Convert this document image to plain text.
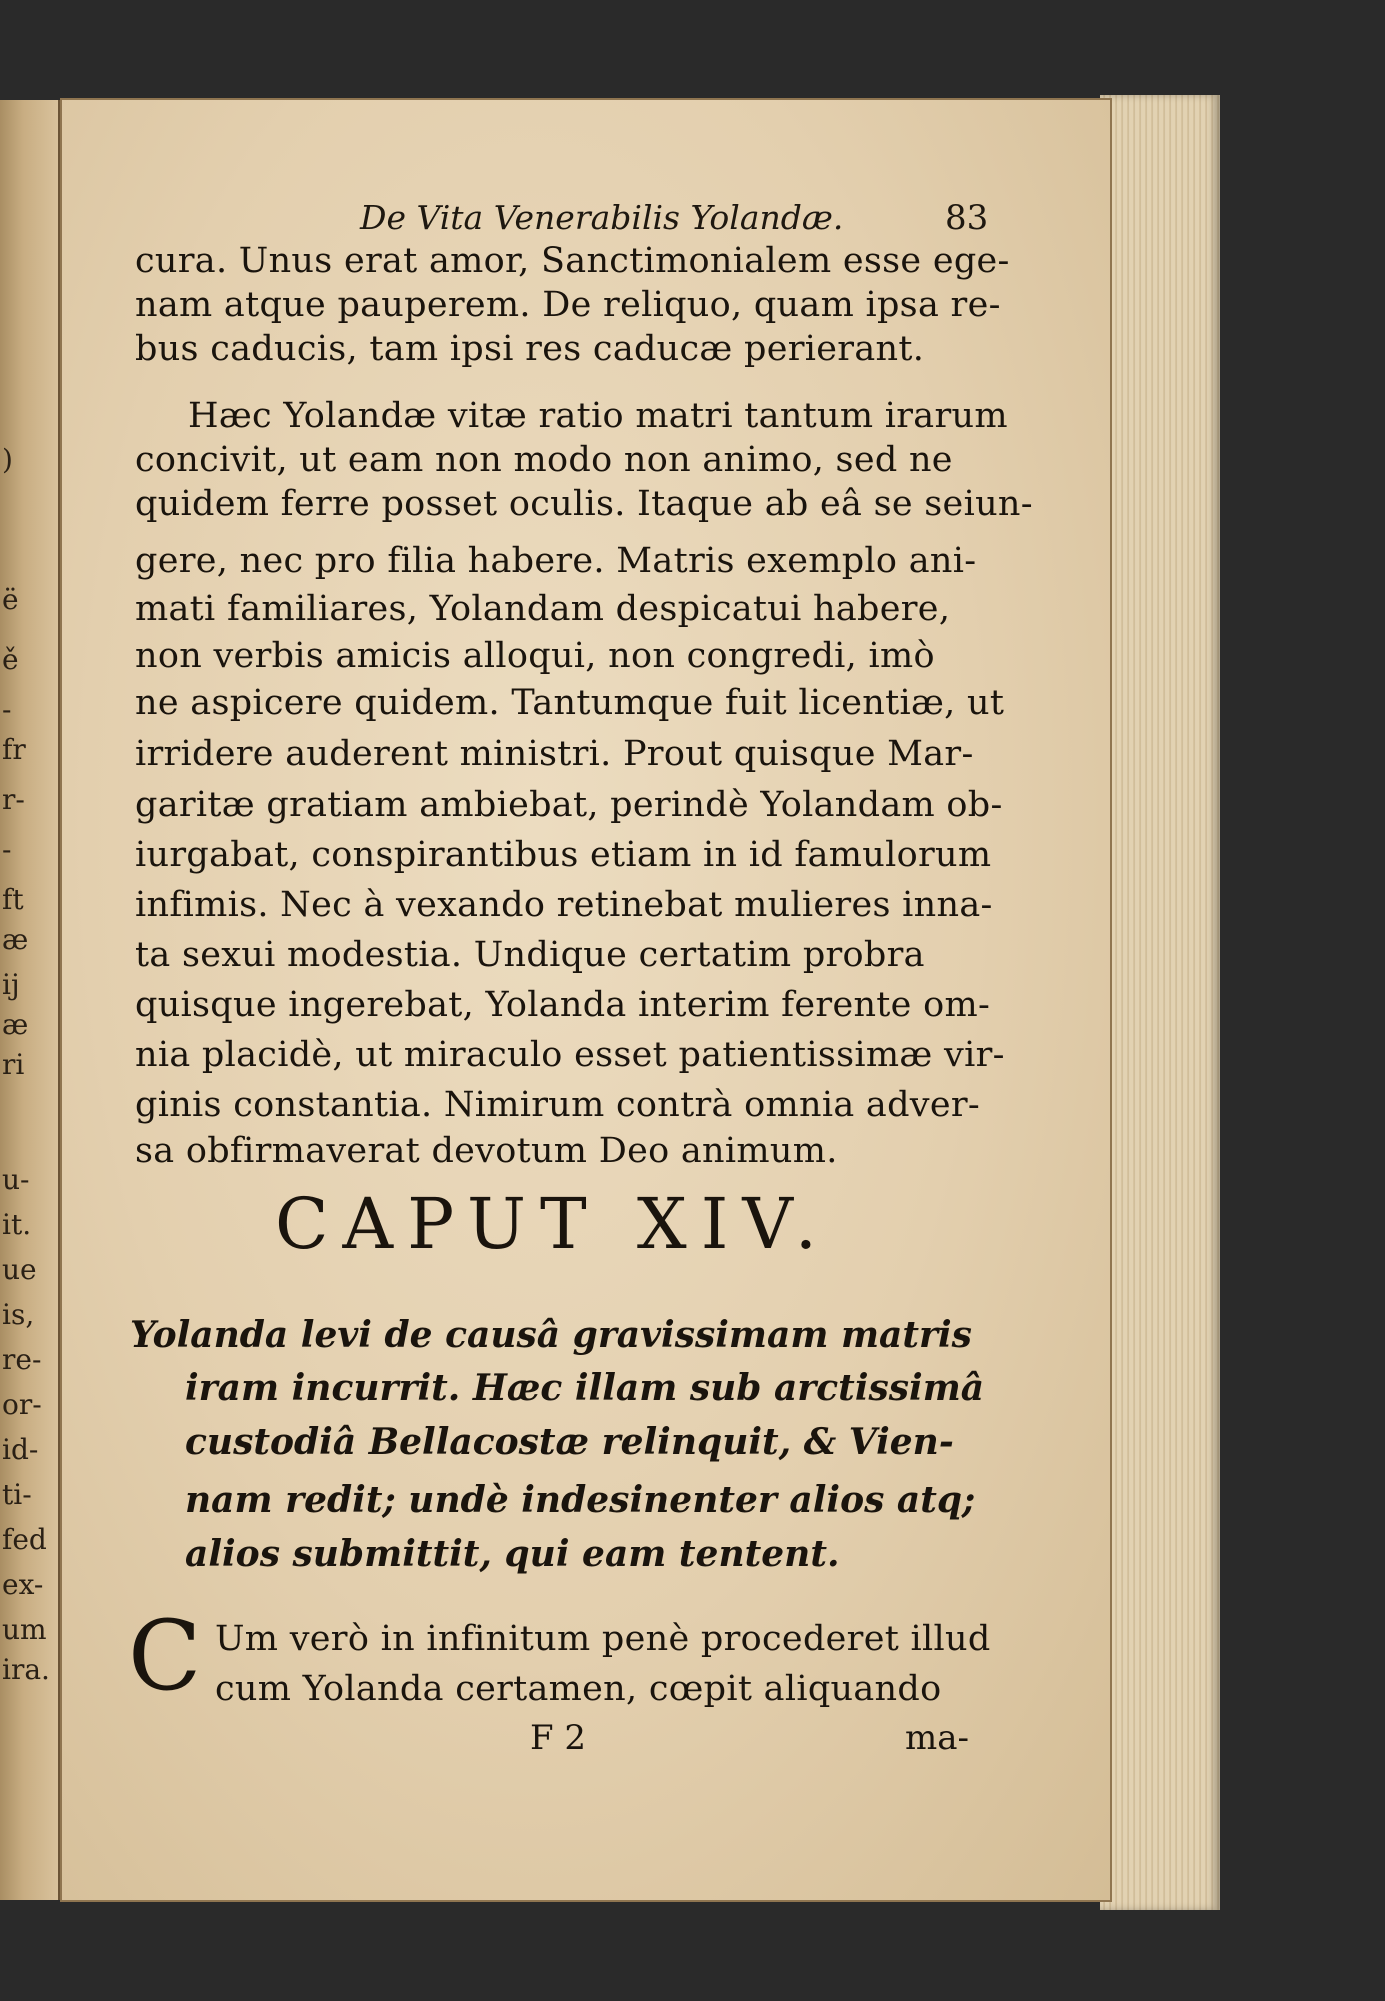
)
ë
ě
-
fr
r-
-
ft
æ
ij
æ
ri
u-
it.
ue
is,
re-
or-
id-
ti-
fed
ex-
um
ira.
De Vita Venerabilis Yolandæ.	83
cura. Unus erat amor, Sanctimonialem esse ege-
nam atque pauperem. De reliquo, quam ipsa re-
bus caducis, tam ipsi res caducæ perierant.
Hæc Yolandæ vitæ ratio matri tantum irarum
concivit, ut eam non modo non animo, sed ne
quidem ferre posset oculis. Itaque ab eâ se seiun-
gere, nec pro filia habere. Matris exemplo ani-
mati familiares, Yolandam despicatui habere,
non verbis amicis alloqui, non congredi, imò
ne aspicere quidem. Tantumque fuit licentiæ, ut
irridere auderent ministri. Prout quisque Mar-
garitæ gratiam ambiebat, perindè Yolandam ob-
iurgabat, conspirantibus etiam in id famulorum
infimis. Nec à vexando retinebat mulieres inna-
ta sexui modestia. Undique certatim probra
quisque ingerebat, Yolanda interim ferente om-
nia placidè, ut miraculo esset patientissimæ vir-
ginis constantia. Nimirum contrà omnia adver-
sa obfirmaverat devotum Deo animum.
CAPUT XIV.
Yolanda levi de causâ gravissimam matris
iram incurrit. Hæc illam sub arctissimâ
custodiâ Bellacostæ relinquit, & Vien-
nam redit; undè indesinenter alios atq;
alios submittit, qui eam tentent.
C Um verò in infinitum penè procederet illud
cum Yolanda certamen, cœpit aliquando
F 2	ma-
